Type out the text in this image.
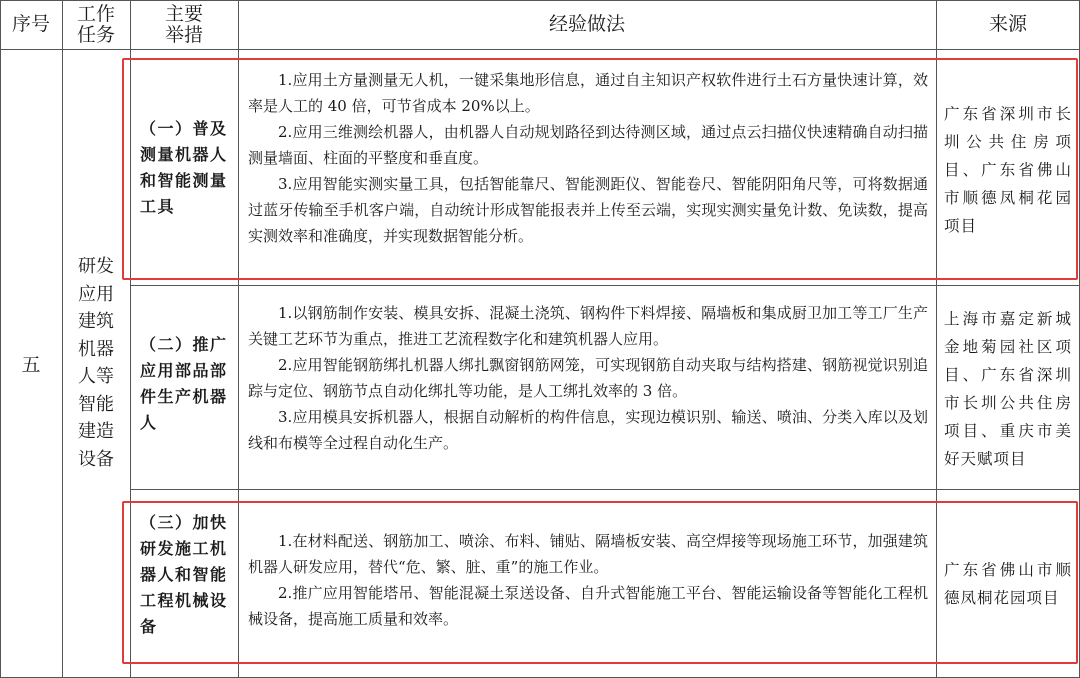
序号 工作
任务
主要
举措	经验做法	来源
五
研发
应用
建筑
机器
人等
智能
建造
设备
（一）普及
测量机器人
和智能测量
工具

1.应用土方量测量无人机，一键采集地形信息，通过自主知识产权软件进行土石方量快速计算，效率是人工的 40 倍，可节省成本 20%以上。

2.应用三维测绘机器人，由机器人自动规划路径到达待测区域，通过点云扫描仪快速精确自动扫描测量墙面、柱面的平整度和垂直度。

3.应用智能实测实量工具，包括智能靠尺、智能测距仪、智能卷尺、智能阴阳角尺等，可将数据通过蓝牙传输至手机客户端，自动统计形成智能报表并上传至云端，实现实测实量免计数、免读数，提高实测效率和准确度，并实现数据智能分析。

广东省深圳市长圳公共住房项目、广东省佛山市顺德凤桐花园项目
（二）推广
应用部品部
件生产机器
人

1.以钢筋制作安装、模具安拆、混凝土浇筑、钢构件下料焊接、隔墙板和集成厨卫加工等工厂生产关键工艺环节为重点，推进工艺流程数字化和建筑机器人应用。

2.应用智能钢筋绑扎机器人绑扎飘窗钢筋网笼，可实现钢筋自动夹取与结构搭建、钢筋视觉识别追踪与定位、钢筋节点自动化绑扎等功能，是人工绑扎效率的 3 倍。

3.应用模具安拆机器人，根据自动解析的构件信息，实现边模识别、输送、喷油、分类入库以及划线和布模等全过程自动化生产。

上海市嘉定新城金地菊园社区项目、广东省深圳市长圳公共住房项目、重庆市美好天赋项目
（三）加快
研发施工机
器人和智能
工程机械设
备

1.在材料配送、钢筋加工、喷涂、布料、铺贴、隔墙板安装、高空焊接等现场施工环节，加强建筑机器人研发应用，替代“危、繁、脏、重”的施工作业。

2.推广应用智能塔吊、智能混凝土泵送设备、自升式智能施工平台、智能运输设备等智能化工程机械设备，提高施工质量和效率。

广东省佛山市顺德凤桐花园项目
